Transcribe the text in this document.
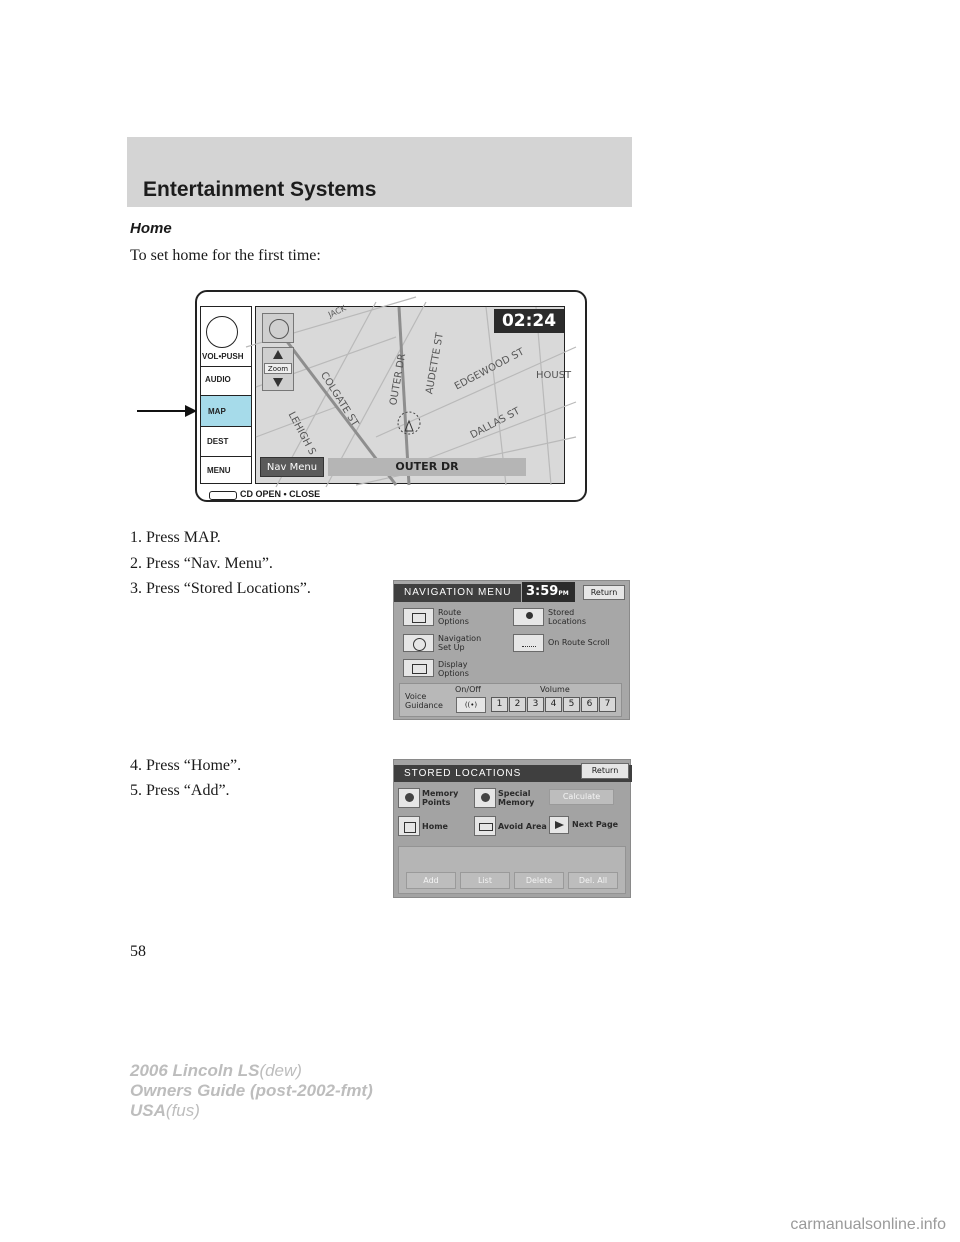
Entertainment Systems
Home
To set home for the first time:
VOL•PUSH
AUDIO
MAP
DEST
MENU
JACK
COLGATE ST	OUTER DR AUDETTE ST EDGEWOOD ST HOUST
DALLAS ST
LEHIGH S
02:24
Zoom
Nav Menu	OUTER DR
CD OPEN • CLOSE
1. Press MAP.
2. Press “Nav. Menu”.
3. Press “Stored Locations”.	NAVIGATION MENU	3:59PM	Return
Route
Options
Navigation
Set Up
Display
Options
Stored
Locations
On Route Scroll
Voice
Guidance
On/Off	Volume
((•)	1	2	3	4	5	6	7
4. Press “Home”.
5. Press “Add”.
STORED LOCATIONS	Return
Memory
Points
Special
Memory
Calculate
Home	Avoid Area	Next Page
Add	List	Delete	Del. All
58
2006 Lincoln LS(dew)
Owners Guide (post-2002-fmt)
USA(fus)
carmanualsonline.info
